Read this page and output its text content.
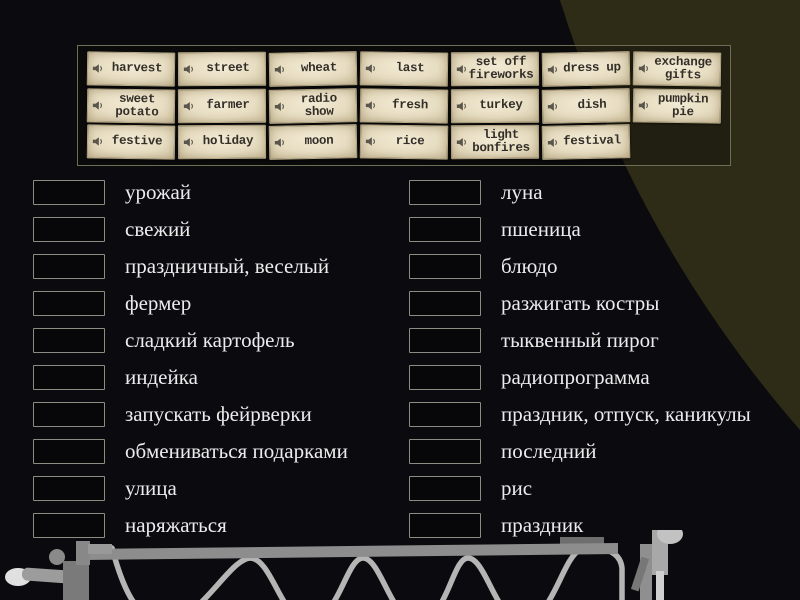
harvest	street	wheat	last	set off fireworks	dress up	exchange gifts
sweet potato	farmer	radio show	fresh	turkey	dish	pumpkin pie
festive	holiday	moon	rice	light bonfires	festival
урожай
свежий
праздничный, веселый
фермер
сладкий картофель
индейка
запускать фейрверки
обмениваться подарками
улица
наряжаться
луна
пшеница
блюдо
разжигать костры
тыквенный пирог
радиопрограмма
праздник, отпуск, каникулы
последний
рис
праздник
